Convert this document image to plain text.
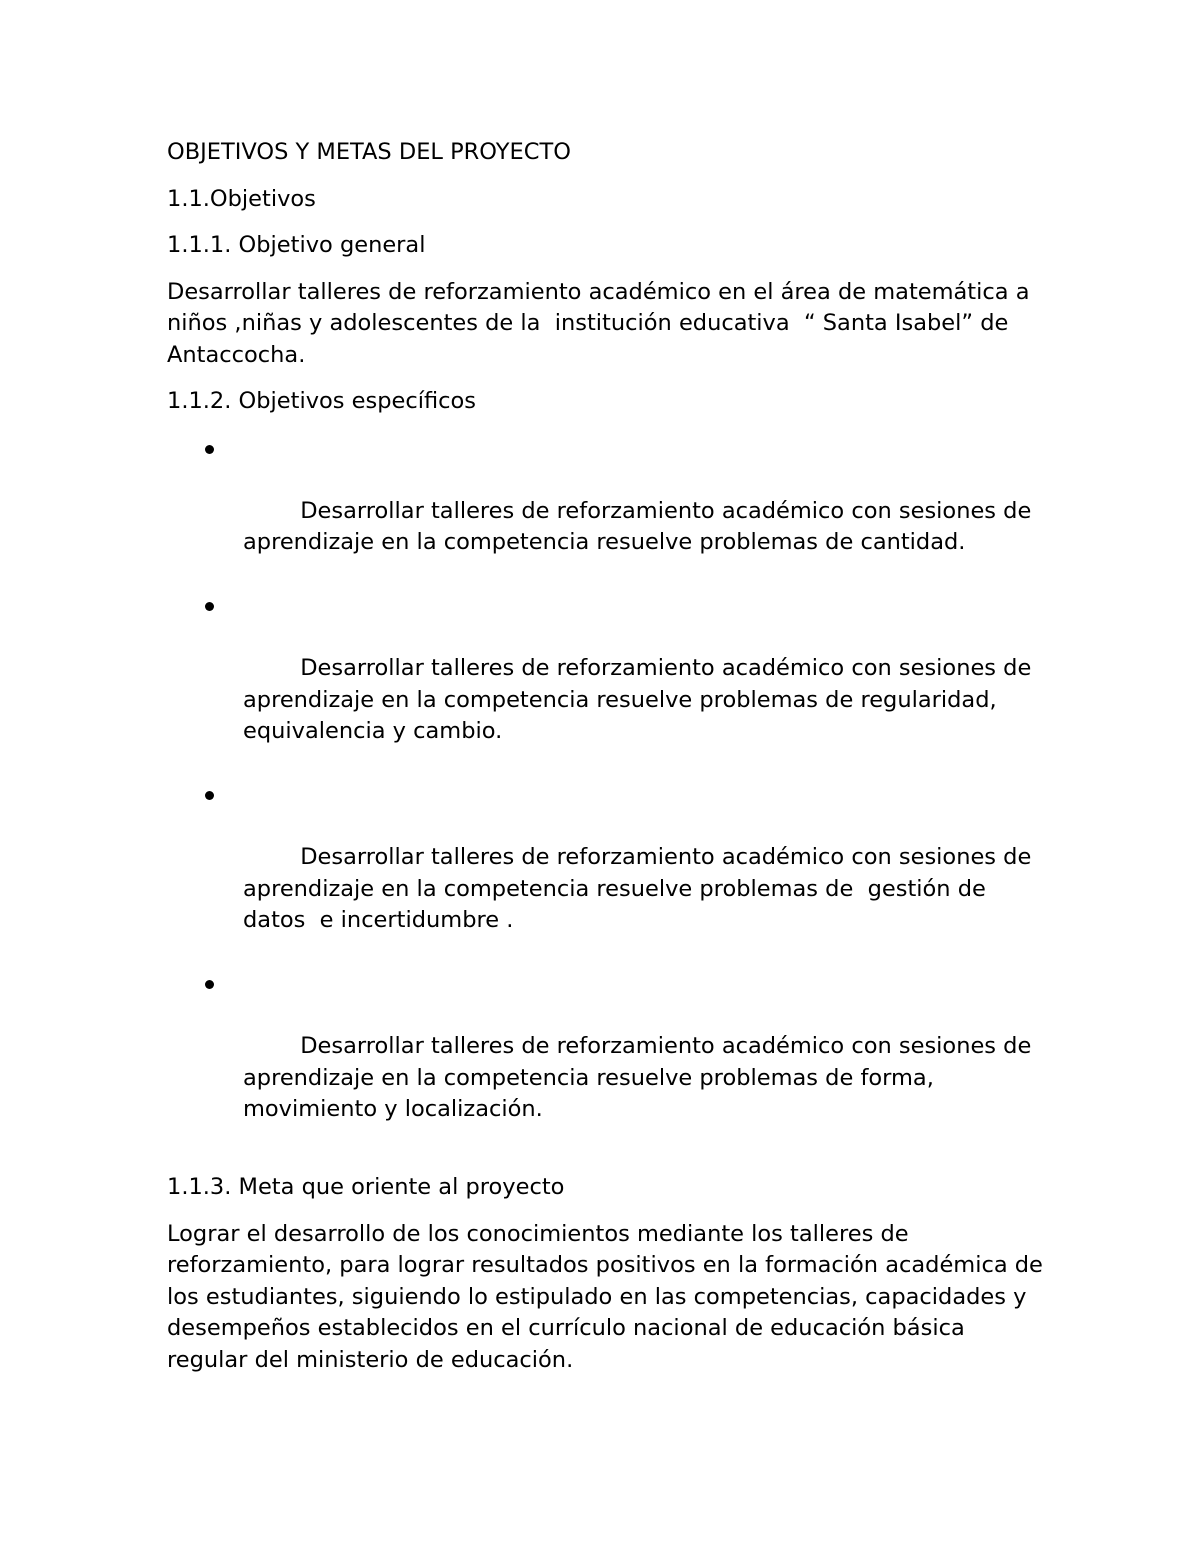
OBJETIVOS Y METAS DEL PROYECTO

1.1.Objetivos

1.1.1. Objetivo general

Desarrollar talleres de reforzamiento académico en el área de matemática a niños ,niñas y adolescentes de la  institución educativa  “ Santa Isabel” de Antaccocha.

1.1.2. Objetivos específicos

Desarrollar talleres de reforzamiento académico con sesiones de aprendizaje en la competencia resuelve problemas de cantidad.

Desarrollar talleres de reforzamiento académico con sesiones de aprendizaje en la competencia resuelve problemas de regularidad, equivalencia y cambio.

Desarrollar talleres de reforzamiento académico con sesiones de aprendizaje en la competencia resuelve problemas de  gestión de datos  e incertidumbre .

Desarrollar talleres de reforzamiento académico con sesiones de aprendizaje en la competencia resuelve problemas de forma, movimiento y localización.

1.1.3. Meta que oriente al proyecto

Lograr el desarrollo de los conocimientos mediante los talleres de reforzamiento, para lograr resultados positivos en la formación académica de los estudiantes, siguiendo lo estipulado en las competencias, capacidades y desempeños establecidos en el currículo nacional de educación básica regular del ministerio de educación.
